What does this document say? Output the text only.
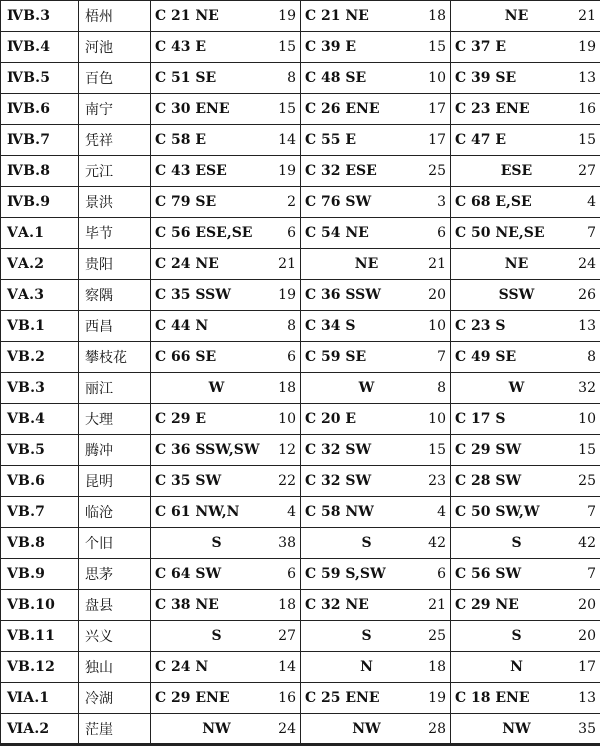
ⅣB.3	梧州	C 21 NE 19	C 21 NE 18	NE 21

ⅣB.4	河池	C 43 E 15	C 39 E 15	C 37 E 19

ⅣB.5	百色	C 51 SE 8	C 48 SE 10	C 39 SE 13

ⅣB.6	南宁	C 30 ENE 15	C 26 ENE 17	C 23 ENE 16

ⅣB.7	凭祥	C 58 E 14	C 55 E 17	C 47 E 15

ⅣB.8	元江	C 43 ESE 19	C 32 ESE 25	ESE 27

ⅣB.9	景洪	C 79 SE 2	C 76 SW 3	C 68 E,SE 4

ⅤA.1	毕节	C 56 ESE,SE 6	C 54 NE 6	C 50 NE,SE 7

ⅤA.2	贵阳	C 24 NE 21	NE 21	NE 24

ⅤA.3	察隅	C 35 SSW 19	C 36 SSW 20	SSW 26

ⅤB.1	西昌	C 44 N 8	C 34 S 10	C 23 S 13

ⅤB.2	攀枝花	C 66 SE 6	C 59 SE 7	C 49 SE 8

ⅤB.3	丽江	W 18	W 8	W 32

ⅤB.4	大理	C 29 E 10	C 20 E 10	C 17 S 10

ⅤB.5	腾冲	C 36 SSW,SW 12	C 32 SW 15	C 29 SW 15

ⅤB.6	昆明	C 35 SW 22	C 32 SW 23	C 28 SW 25

ⅤB.7	临沧	C 61 NW,N 4	C 58 NW 4	C 50 SW,W 7

ⅤB.8	个旧	S 38	S 42	S 42

ⅤB.9	思茅	C 64 SW 6	C 59 S,SW 6	C 56 SW 7

ⅤB.10	盘县	C 38 NE 18	C 32 NE 21	C 29 NE 20

ⅤB.11	兴义	S 27	S 25	S 20

ⅤB.12	独山	C 24 N 14	N 18	N 17

ⅥA.1	冷湖	C 29 ENE 16	C 25 ENE 19	C 18 ENE 13

ⅥA.2	茫崖	NW 24	NW 28	NW 35
